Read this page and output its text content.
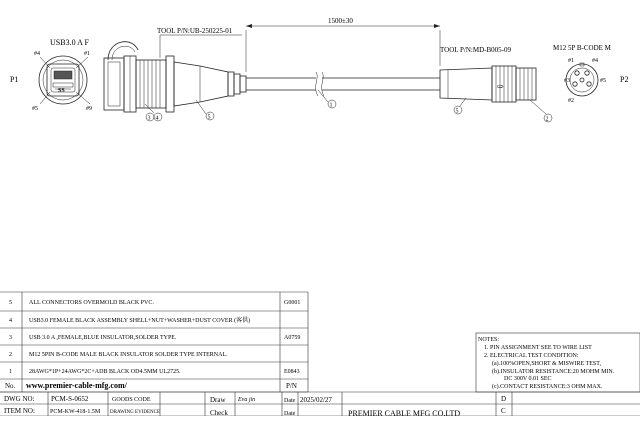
USB3.0 A F
P1
SS
#4	#1
#5	#9
1500±30
TOOL P/N:UB-250225-01
TOOL P/N:MD-B005-09
⇨
M12 5P B-CODE M
P2
#1	#4
#3	#5
#2
3 4	5
1
5
2
5	ALL CONNECTORS OVERMOLD BLACK PVC.	G0001
4	USB3.0 FEMALE BLACK ASSEMBLY SHELL+NUT+WASHER+DUST COVER (客供)
3	USB 3.0 A ,FEMALE,BLUE INSULATOR,SOLDER TYPE.	A0759
2	M12 5PIN B-CODE MALE BLACK INSULATOR SOLDER TYPE INTERNAL.
1	28AWG*1P+24AWG*2C+ADB BLACK OD4.5MM UL2725.	E0843
No. www.premier-cable-mfg.com/	P/N
NOTES:
1. PIN ASSIGNMENT SEE TO WIRE LIST
2. ELECTRICAL TEST CONDITION:
(a).100%OPEN,SHORT & MISWIRE TEST,
(b).INSULATOR RESISTANCE:20 MOHM MIN.
DC 300V 0.01 SEC
(c).CONTACT RESISTANCE:3 OHM MAX.
DWG NO: PCM-S-0652	GOODS CODE
ITEM NO:	PCM-KW-418-1.5M DRAWING EVIDENCE
Draw Eva jin	Date 2025/02/27
Check	Date	PREMIER CABLE MFG CO.LTD
D
C
